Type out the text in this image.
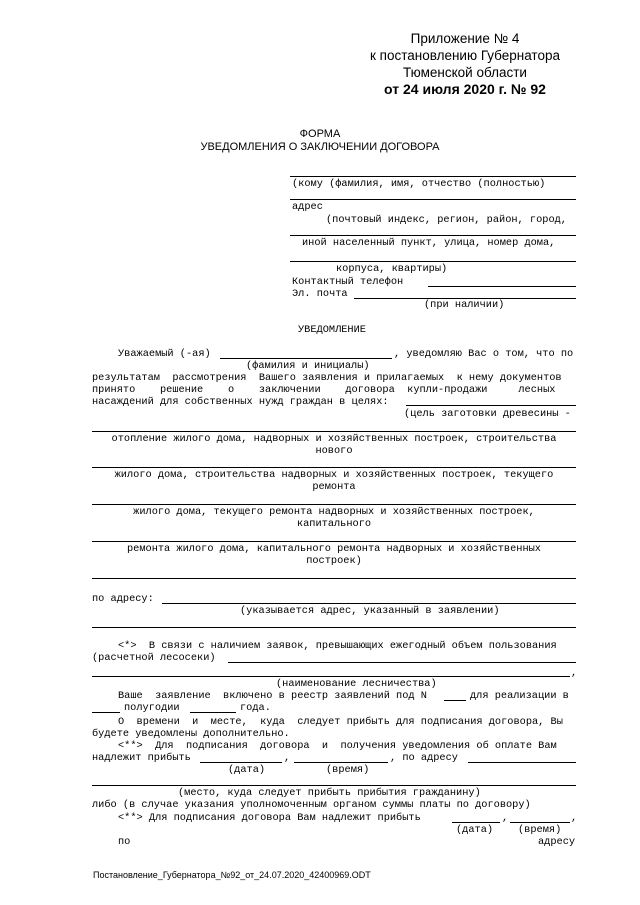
Приложение № 4
к постановлению Губернатора
Тюменской области
от 24 июля 2020 г. № 92
ФОРМА
УВЕДОМЛЕНИЯ О ЗАКЛЮЧЕНИИ ДОГОВОРА
(кому (фамилия, имя, отчество (полностью)
адрес
(почтовый индекс, регион, район, город,
иной населенный пункт, улица, номер дома,
корпуса, квартиры)
Контактный телефон
Эл. почта
(при наличии)
УВЕДОМЛЕНИЕ
Уважаемый (-ая)	, уведомляю Вас о том, что по
(фамилия и инициалы)
результатам  рассмотрения  Вашего заявления и прилагаемых  к нему документов
принято    решение    о    заключении    договора  купли-продажи     лесных
насаждений для собственных нужд граждан в целях:
(цель заготовки древесины -
отопление жилого дома, надворных и хозяйственных построек, строительства
нового
жилого дома, строительства надворных и хозяйственных построек, текущего
ремонта
жилого дома, текущего ремонта надворных и хозяйственных построек,
капитального
ремонта жилого дома, капитального ремонта надворных и хозяйственных
построек)
по адресу:
(указывается адрес, указанный в заявлении)
<*>  В связи с наличием заявок, превышающих ежегодный объем пользования
(расчетной лесосеки)
,
(наименование лесничества)
Ваше  заявление  включено в реестр заявлений под N	для реализации в
полугодии	года.
О  времени  и  месте,  куда  следует прибыть для подписания договора, Вы
будете уведомлены дополнительно.
<**>  Для  подписания  договора  и  получения уведомления об оплате Вам
надлежит прибыть	,	, по адресу
(дата)	(время)
(место, куда следует прибыть прибытия гражданину)
либо (в случае указания уполномоченным органом суммы платы по договору)
<**> Для подписания договора Вам надлежит прибыть	,	,
(дата) (время)
по	адресу
Постановление_Губернатора_№92_от_24.07.2020_42400969.ODT
